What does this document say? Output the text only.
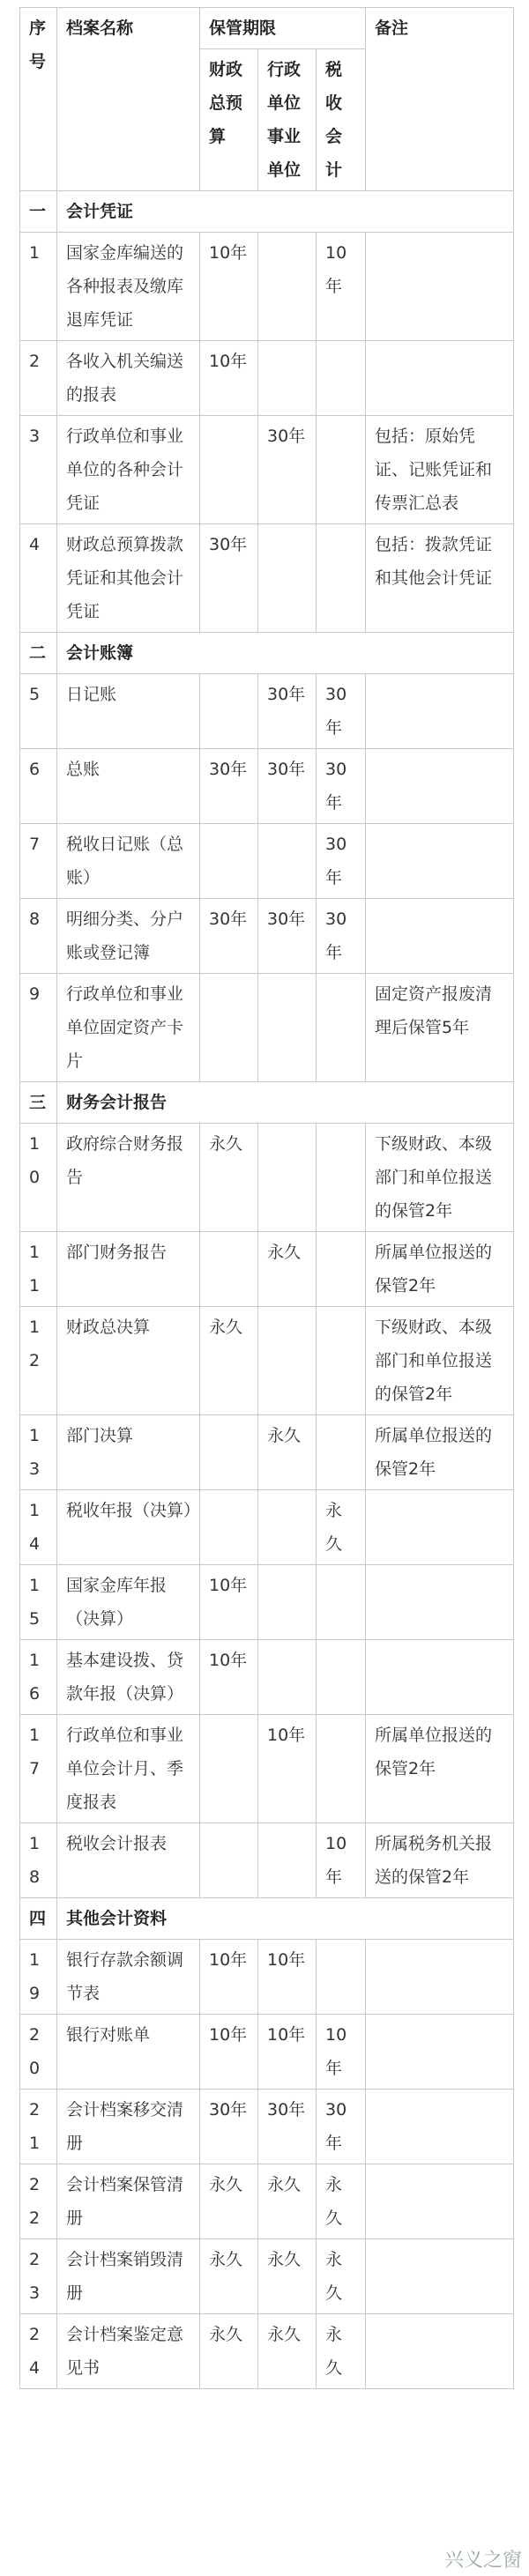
序号	档案名称	保管期限			备注
		财政总预算	行政单位事业单位	税收会计	
一	会计凭证				
1	国家金库编送的各种报表及缴库退库凭证	10年		10年	
2	各收入机关编送的报表	10年			
3	行政单位和事业单位的各种会计凭证		30年		包括：原始凭证、记账凭证和传票汇总表
4	财政总预算拨款凭证和其他会计凭证	30年			包括：拨款凭证和其他会计凭证
二	会计账簿				
5	日记账		30年	30年	
6	总账	30年	30年	30年	
7	税收日记账（总账）			30年	
8	明细分类、分户账或登记簿	30年	30年	30年	
9	行政单位和事业单位固定资产卡片				固定资产报废清理后保管5年
三	财务会计报告				
10	政府综合财务报告	永久			下级财政、本级部门和单位报送的保管2年
11	部门财务报告		永久		所属单位报送的保管2年
12	财政总决算	永久			下级财政、本级部门和单位报送的保管2年
13	部门决算		永久		所属单位报送的保管2年
14	税收年报（决算）			永久	
15	国家金库年报（决算）	10年			
16	基本建设拨、贷款年报（决算）	10年			
17	行政单位和事业单位会计月、季度报表		10年		所属单位报送的保管2年
18	税收会计报表			10年	所属税务机关报送的保管2年
四	其他会计资料				
19	银行存款余额调节表	10年	10年		
20	银行对账单	10年	10年	10年	
21	会计档案移交清册	30年	30年	30年	
22	会计档案保管清册	永久	永久	永久	
23	会计档案销毁清册	永久	永久	永久	
24	会计档案鉴定意见书	永久	永久	永久	
兴义之窗
